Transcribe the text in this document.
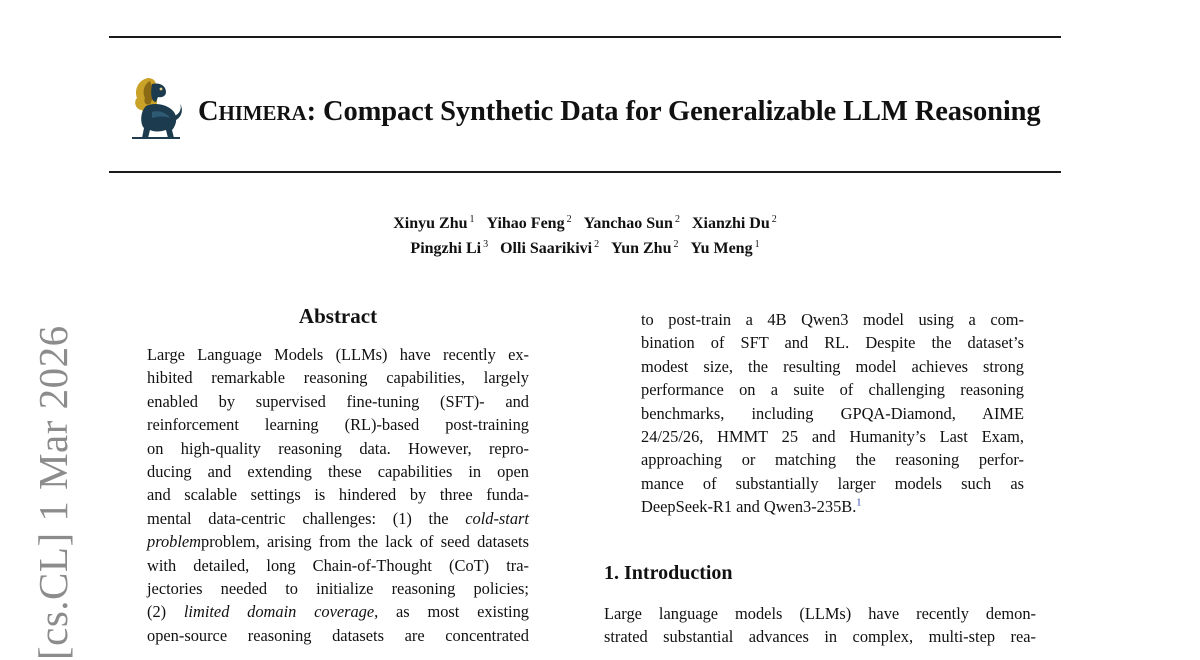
CHIMERA: Compact Synthetic Data for Generalizable LLM Reasoning
Xinyu Zhu $^1$ Yihao Feng $^2$ Yanchao Sun $^2$ Xianzhi Du $^2$
Pingzhi Li $^3$ Olli Saarikivi $^2$ Yun Zhu $^2$ Yu Meng $^1$
[cs.CL] 1 Mar 2026
Abstract
Large Language Models (LLMs) have recently ex-
hibited remarkable reasoning capabilities, largely
enabled by supervised fine-tuning (SFT)- and
reinforcement learning (RL)-based post-training
on high-quality reasoning data. However, repro-
ducing and extending these capabilities in open
and scalable settings is hindered by three funda-
mental data-centric challenges: (1) the cold-start
problemproblem, arising from the lack of seed datasets
with detailed, long Chain-of-Thought (CoT) tra-
jectories needed to initialize reasoning policies;
(2) limited domain coverage, as most existing
open-source reasoning datasets are concentrated
to post-train a 4B Qwen3 model using a com-
bination of SFT and RL. Despite the dataset’s
modest size, the resulting model achieves strong
performance on a suite of challenging reasoning
benchmarks, including GPQA-Diamond, AIME
24/25/26, HMMT 25 and Humanity’s Last Exam,
approaching or matching the reasoning perfor-
mance of substantially larger models such as
DeepSeek-R1 and Qwen3-235B.$^1$
1. Introduction
Large language models (LLMs) have recently demon-
strated substantial advances in complex, multi-step rea-
